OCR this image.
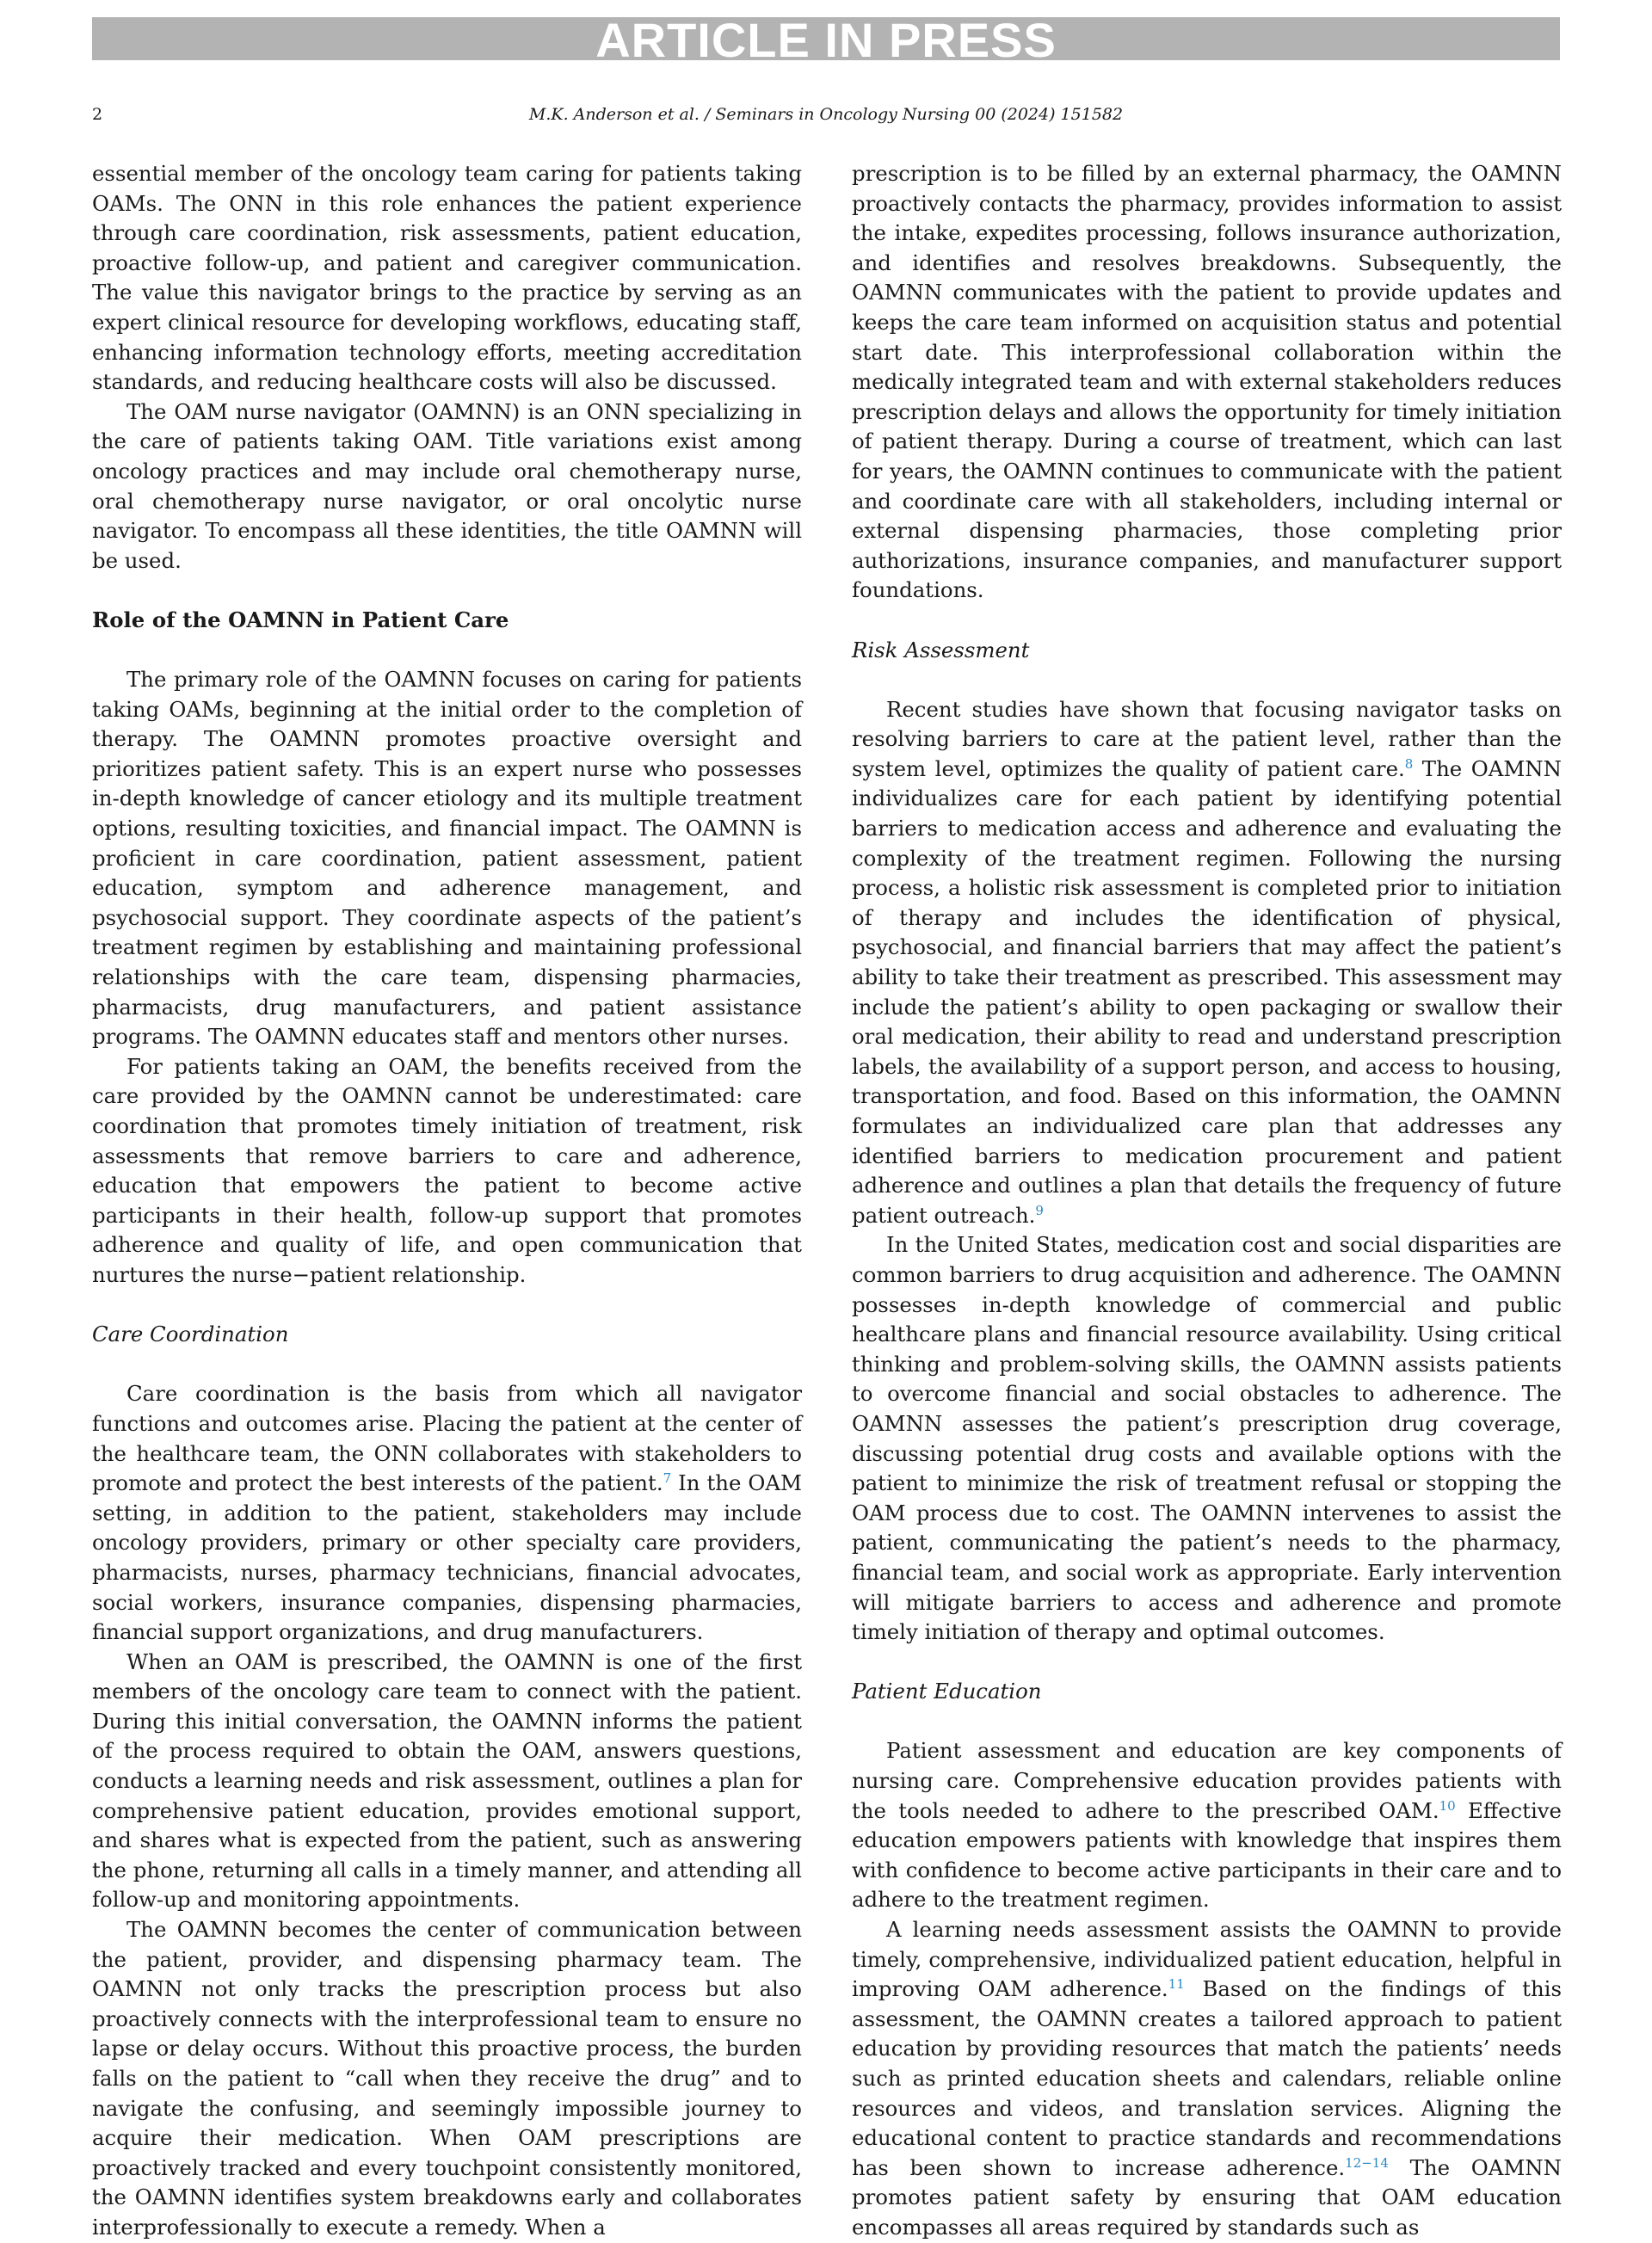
ARTICLE IN PRESS
2	M.K. Anderson et al. / Seminars in Oncology Nursing 00 (2024) 151582

essential member of the oncology team caring for patients taking OAMs. The ONN in this role enhances the patient experience through care coordination, risk assessments, patient education, proactive follow-up, and patient and caregiver communication. The value this navigator brings to the practice by serving as an expert clinical resource for developing workflows, educating staff, enhancing information technology efforts, meeting accreditation standards, and reducing healthcare costs will also be discussed.

The OAM nurse navigator (OAMNN) is an ONN specializing in the care of patients taking OAM. Title variations exist among oncology practices and may include oral chemotherapy nurse, oral chemotherapy nurse navigator, or oral oncolytic nurse navigator. To encompass all these identities, the title OAMNN will be used.

Role of the OAMNN in Patient Care

The primary role of the OAMNN focuses on caring for patients taking OAMs, beginning at the initial order to the completion of therapy. The OAMNN promotes proactive oversight and prioritizes patient safety. This is an expert nurse who possesses in-depth knowledge of cancer etiology and its multiple treatment options, resulting toxicities, and financial impact. The OAMNN is proficient in care coordination, patient assessment, patient education, symptom and adherence management, and psychosocial support. They coordinate aspects of the patient’s treatment regimen by establishing and maintaining professional relationships with the care team, dispensing pharmacies, pharmacists, drug manufacturers, and patient assistance programs. The OAMNN educates staff and mentors other nurses.

For patients taking an OAM, the benefits received from the care provided by the OAMNN cannot be underestimated: care coordination that promotes timely initiation of treatment, risk assessments that remove barriers to care and adherence, education that empowers the patient to become active participants in their health, follow-up support that promotes adherence and quality of life, and open communication that nurtures the nurse−patient relationship.

Care Coordination

Care coordination is the basis from which all navigator functions and outcomes arise. Placing the patient at the center of the healthcare team, the ONN collaborates with stakeholders to promote and protect the best interests of the patient.$^7$ In the OAM setting, in addition to the patient, stakeholders may include oncology providers, primary or other specialty care providers, pharmacists, nurses, pharmacy technicians, financial advocates, social workers, insurance companies, dispensing pharmacies, financial support organizations, and drug manufacturers.

When an OAM is prescribed, the OAMNN is one of the first members of the oncology care team to connect with the patient. During this initial conversation, the OAMNN informs the patient of the process required to obtain the OAM, answers questions, conducts a learning needs and risk assessment, outlines a plan for comprehensive patient education, provides emotional support, and shares what is expected from the patient, such as answering the phone, returning all calls in a timely manner, and attending all follow-up and monitoring appointments.

The OAMNN becomes the center of communication between the patient, provider, and dispensing pharmacy team. The OAMNN not only tracks the prescription process but also proactively connects with the interprofessional team to ensure no lapse or delay occurs. Without this proactive process, the burden falls on the patient to “call when they receive the drug” and to navigate the confusing, and seemingly impossible journey to acquire their medication. When OAM prescriptions are proactively tracked and every touchpoint consistently monitored, the OAMNN identifies system breakdowns early and collaborates interprofessionally to execute a remedy. When a

prescription is to be filled by an external pharmacy, the OAMNN proactively contacts the pharmacy, provides information to assist the intake, expedites processing, follows insurance authorization, and identifies and resolves breakdowns. Subsequently, the OAMNN communicates with the patient to provide updates and keeps the care team informed on acquisition status and potential start date. This interprofessional collaboration within the medically integrated team and with external stakeholders reduces prescription delays and allows the opportunity for timely initiation of patient therapy. During a course of treatment, which can last for years, the OAMNN continues to communicate with the patient and coordinate care with all stakeholders, including internal or external dispensing pharmacies, those completing prior authorizations, insurance companies, and manufacturer support foundations.

Risk Assessment

Recent studies have shown that focusing navigator tasks on resolving barriers to care at the patient level, rather than the system level, optimizes the quality of patient care.$^8$ The OAMNN individualizes care for each patient by identifying potential barriers to medication access and adherence and evaluating the complexity of the treatment regimen. Following the nursing process, a holistic risk assessment is completed prior to initiation of therapy and includes the identification of physical, psychosocial, and financial barriers that may affect the patient’s ability to take their treatment as prescribed. This assessment may include the patient’s ability to open packaging or swallow their oral medication, their ability to read and understand prescription labels, the availability of a support person, and access to housing, transportation, and food. Based on this information, the OAMNN formulates an individualized care plan that addresses any identified barriers to medication procurement and patient adherence and outlines a plan that details the frequency of future patient outreach.$^9$

In the United States, medication cost and social disparities are common barriers to drug acquisition and adherence. The OAMNN possesses in-depth knowledge of commercial and public healthcare plans and financial resource availability. Using critical thinking and problem-solving skills, the OAMNN assists patients to overcome financial and social obstacles to adherence. The OAMNN assesses the patient’s prescription drug coverage, discussing potential drug costs and available options with the patient to minimize the risk of treatment refusal or stopping the OAM process due to cost. The OAMNN intervenes to assist the patient, communicating the patient’s needs to the pharmacy, financial team, and social work as appropriate. Early intervention will mitigate barriers to access and adherence and promote timely initiation of therapy and optimal outcomes.

Patient Education

Patient assessment and education are key components of nursing care. Comprehensive education provides patients with the tools needed to adhere to the prescribed OAM.$^{10}$ Effective education empowers patients with knowledge that inspires them with confidence to become active participants in their care and to adhere to the treatment regimen.

A learning needs assessment assists the OAMNN to provide timely, comprehensive, individualized patient education, helpful in improving OAM adherence.$^{11}$ Based on the findings of this assessment, the OAMNN creates a tailored approach to patient education by providing resources that match the patients’ needs such as printed education sheets and calendars, reliable online resources and videos, and translation services. Aligning the educational content to practice standards and recommendations has been shown to increase adherence.$^{12-14}$ The OAMNN promotes patient safety by ensuring that OAM education encompasses all areas required by standards such as
